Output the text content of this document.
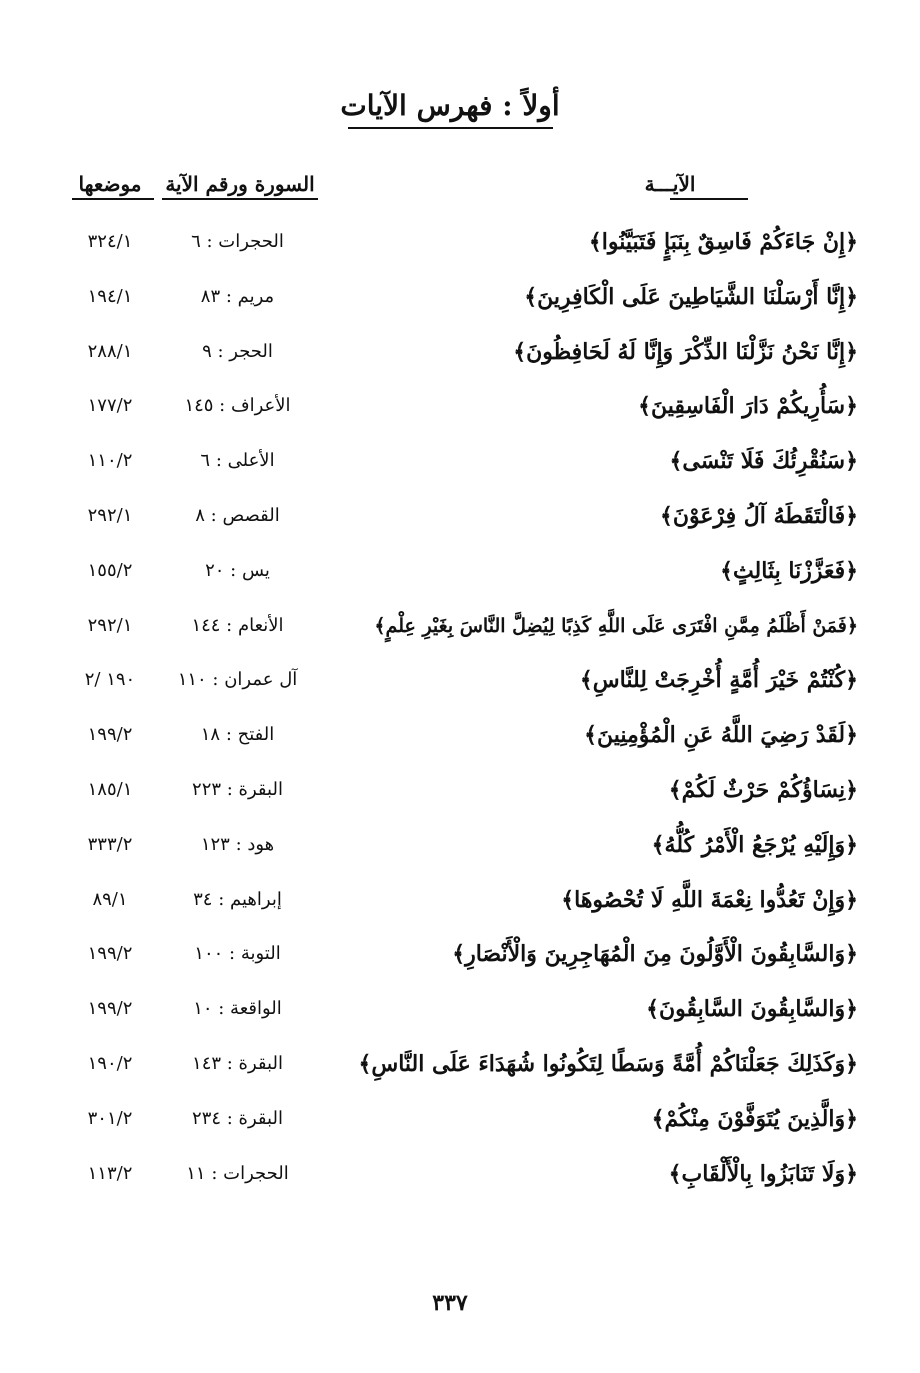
أولاً : فهرس الآيات
الآيـــة
السورة ورقم الآية
موضعها
﴿إِنْ جَاءَكُمْ فَاسِقٌ بِنَبَإٍ فَتَبَيَّنُوا﴾
الحجرات : ٦
٣٢٤/١
﴿إِنَّا أَرْسَلْنَا الشَّيَاطِينَ عَلَى الْكَافِرِينَ﴾
مريم : ٨٣
١٩٤/١
﴿إِنَّا نَحْنُ نَزَّلْنَا الذِّكْرَ وَإِنَّا لَهُ لَحَافِظُونَ﴾
الحجر : ٩
٢٨٨/١
﴿سَأُرِيكُمْ دَارَ الْفَاسِقِينَ﴾
الأعراف : ١٤٥
١٧٧/٢
﴿سَنُقْرِئُكَ فَلَا تَنْسَى﴾
الأعلى : ٦
١١٠/٢
﴿فَالْتَقَطَهُ آلُ فِرْعَوْنَ﴾
القصص : ٨
٢٩٢/١
﴿فَعَزَّزْنَا بِثَالِثٍ﴾
يس : ٢٠
١٥٥/٢
﴿فَمَنْ أَظْلَمُ مِمَّنِ افْتَرَى عَلَى اللَّهِ كَذِبًا لِيُضِلَّ النَّاسَ بِغَيْرِ عِلْمٍ﴾
الأنعام : ١٤٤
٢٩٢/١
﴿كُنْتُمْ خَيْرَ أُمَّةٍ أُخْرِجَتْ لِلنَّاسِ﴾
آل عمران : ١١٠
١٩٠ /٢
﴿لَقَدْ رَضِيَ اللَّهُ عَنِ الْمُؤْمِنِينَ﴾
الفتح : ١٨
١٩٩/٢
﴿نِسَاؤُكُمْ حَرْثٌ لَكُمْ﴾
البقرة : ٢٢٣
١٨٥/١
﴿وَإِلَيْهِ يُرْجَعُ الْأَمْرُ كُلُّهُ﴾
هود : ١٢٣
٣٣٣/٢
﴿وَإِنْ تَعُدُّوا نِعْمَةَ اللَّهِ لَا تُحْصُوهَا﴾
إبراهيم : ٣٤
٨٩/١
﴿وَالسَّابِقُونَ الْأَوَّلُونَ مِنَ الْمُهَاجِرِينَ وَالْأَنْصَارِ﴾
التوبة : ١٠٠
١٩٩/٢
﴿وَالسَّابِقُونَ السَّابِقُونَ﴾
الواقعة : ١٠
١٩٩/٢
﴿وَكَذَلِكَ جَعَلْنَاكُمْ أُمَّةً وَسَطًا لِتَكُونُوا شُهَدَاءَ عَلَى النَّاسِ﴾
البقرة : ١٤٣
١٩٠/٢
﴿وَالَّذِينَ يُتَوَفَّوْنَ مِنْكُمْ﴾
البقرة : ٢٣٤
٣٠١/٢
﴿وَلَا تَنَابَزُوا بِالْأَلْقَابِ﴾
الحجرات : ١١
١١٣/٢
٣٣٧
